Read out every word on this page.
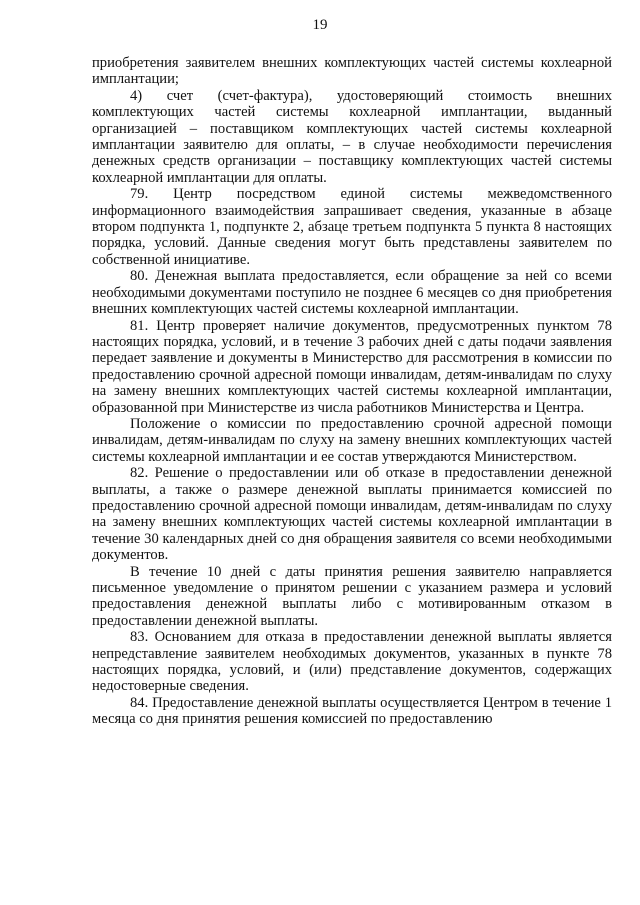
19

приобретения заявителем внешних комплектующих частей системы кохлеарной имплантации;

4) счет (счет-фактура), удостоверяющий стоимость внешних комплектующих частей системы кохлеарной имплантации, выданный организацией – поставщиком комплектующих частей системы кохлеарной имплантации заявителю для оплаты, – в случае необходимости перечисления денежных средств организации – поставщику комплектующих частей системы кохлеарной имплантации для оплаты.

79. Центр посредством единой системы межведомственного информационного взаимодействия запрашивает сведения, указанные в абзаце втором подпункта 1, подпункте 2, абзаце третьем подпункта 5 пункта 8 настоящих порядка, условий. Данные сведения могут быть представлены заявителем по собственной инициативе.

80. Денежная выплата предоставляется, если обращение за ней со всеми необходимыми документами поступило не позднее 6 месяцев со дня приобретения внешних комплектующих частей системы кохлеарной имплантации.

81. Центр проверяет наличие документов, предусмотренных пунктом 78 настоящих порядка, условий, и в течение 3 рабочих дней с даты подачи заявления передает заявление и документы в Министерство для рассмотрения в комиссии по предоставлению срочной адресной помощи инвалидам, детям-инвалидам по слуху на замену внешних комплектующих частей системы кохлеарной имплантации, образованной при Министерстве из числа работников Министерства и Центра.

Положение о комиссии по предоставлению срочной адресной помощи инвалидам, детям-инвалидам по слуху на замену внешних комплектующих частей системы кохлеарной имплантации и ее состав утверждаются Министерством.

82. Решение о предоставлении или об отказе в предоставлении денежной выплаты, а также о размере денежной выплаты принимается комиссией по предоставлению срочной адресной помощи инвалидам, детям-инвалидам по слуху на замену внешних комплектующих частей системы кохлеарной имплантации в течение 30 календарных дней со дня обращения заявителя со всеми необходимыми документов.

В течение 10 дней с даты принятия решения заявителю направляется письменное уведомление о принятом решении с указанием размера и условий предоставления денежной выплаты либо с мотивированным отказом в предоставлении денежной выплаты.

83. Основанием для отказа в предоставлении денежной выплаты является непредставление заявителем необходимых документов, указанных в пункте 78 настоящих порядка, условий, и (или) представление документов, содержащих недостоверные сведения.

84. Предоставление денежной выплаты осуществляется Центром в течение 1 месяца со дня принятия решения комиссией по предоставлению
